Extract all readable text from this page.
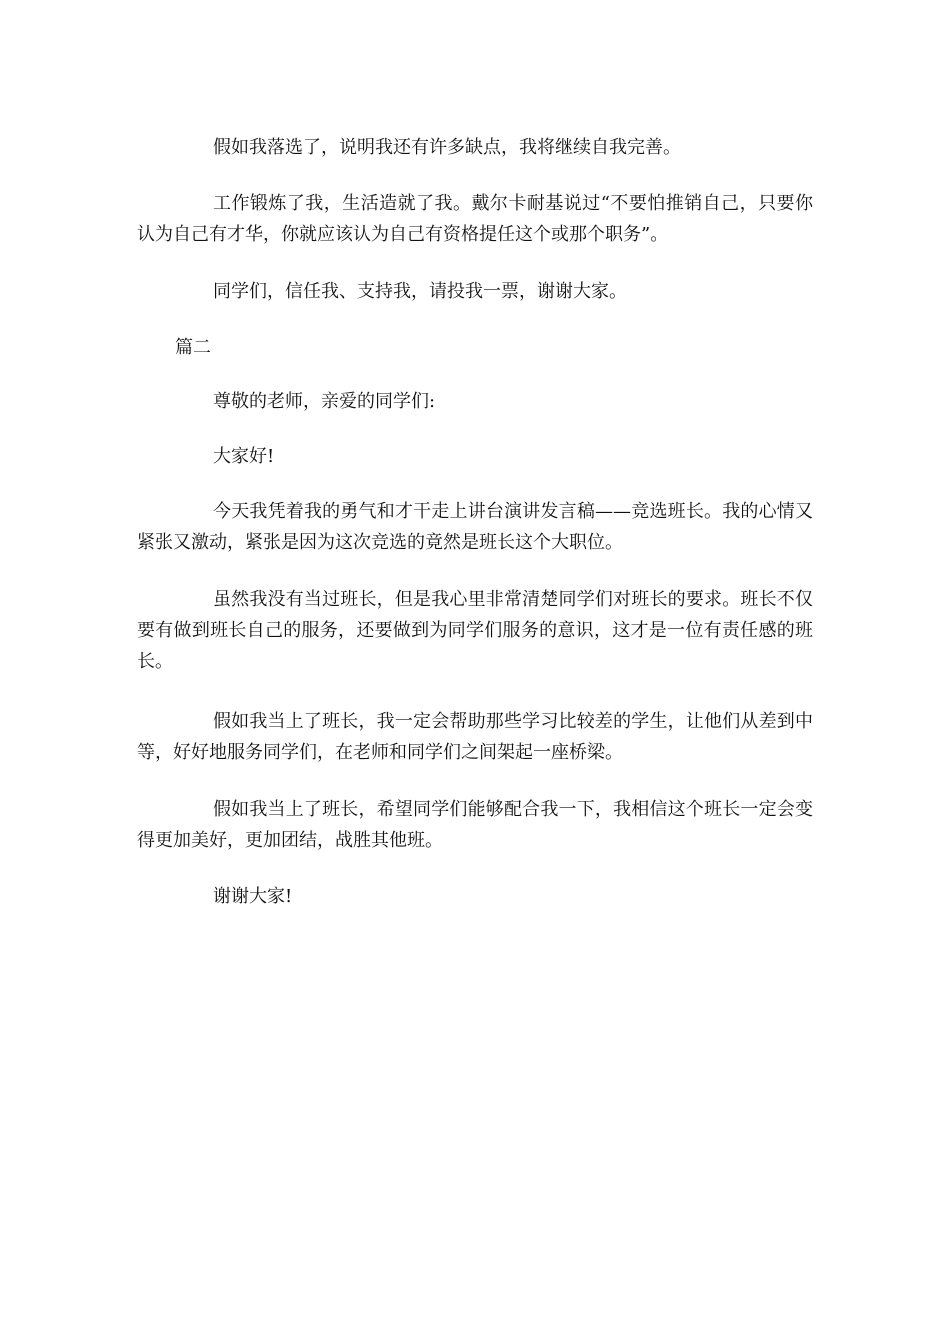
假如我落选了，说明我还有许多缺点，我将继续自我完善。

工作锻炼了我，生活造就了我。戴尔卡耐基说过“不要怕推销自己，只要你认为自己有才华，你就应该认为自己有资格提任这个或那个职务”。

同学们，信任我、支持我，请投我一票，谢谢大家。

篇二

尊敬的老师，亲爱的同学们:

大家好!

今天我凭着我的勇气和才干走上讲台演讲发言稿——竞选班长。我的心情又紧张又激动，紧张是因为这次竞选的竟然是班长这个大职位。

虽然我没有当过班长，但是我心里非常清楚同学们对班长的要求。班长不仅要有做到班长自己的服务，还要做到为同学们服务的意识，这才是一位有责任感的班长。

假如我当上了班长，我一定会帮助那些学习比较差的学生，让他们从差到中等，好好地服务同学们，在老师和同学们之间架起一座桥梁。

假如我当上了班长，希望同学们能够配合我一下，我相信这个班长一定会变得更加美好，更加团结，战胜其他班。

谢谢大家!
